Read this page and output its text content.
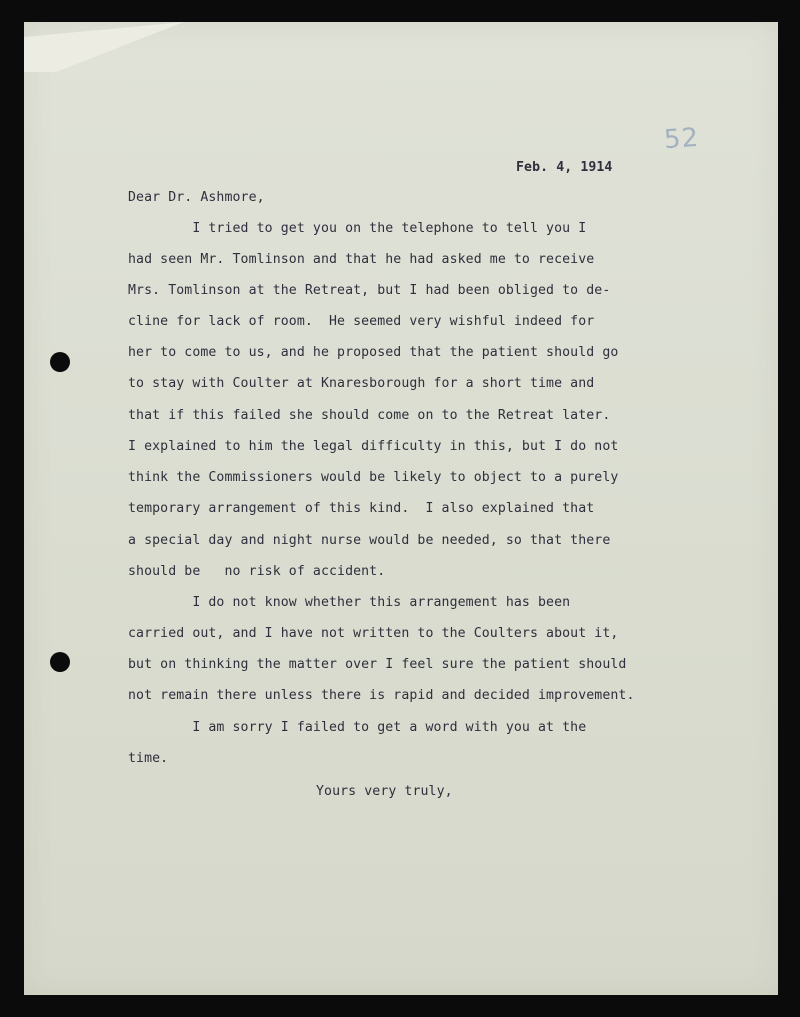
52
Feb. 4, 1914
Dear Dr. Ashmore,
I tried to get you on the telephone to tell you I
had seen Mr. Tomlinson and that he had asked me to receive
Mrs. Tomlinson at the Retreat, but I had been obliged to de-
cline for lack of room.  He seemed very wishful indeed for
her to come to us, and he proposed that the patient should go
to stay with Coulter at Knaresborough for a short time and
that if this failed she should come on to the Retreat later.
I explained to him the legal difficulty in this, but I do not
think the Commissioners would be likely to object to a purely
temporary arrangement of this kind.  I also explained that
a special day and night nurse would be needed, so that there
should be   no risk of accident.
I do not know whether this arrangement has been
carried out, and I have not written to the Coulters about it,
but on thinking the matter over I feel sure the patient should
not remain there unless there is rapid and decided improvement.
I am sorry I failed to get a word with you at the
time.
Yours very truly,
